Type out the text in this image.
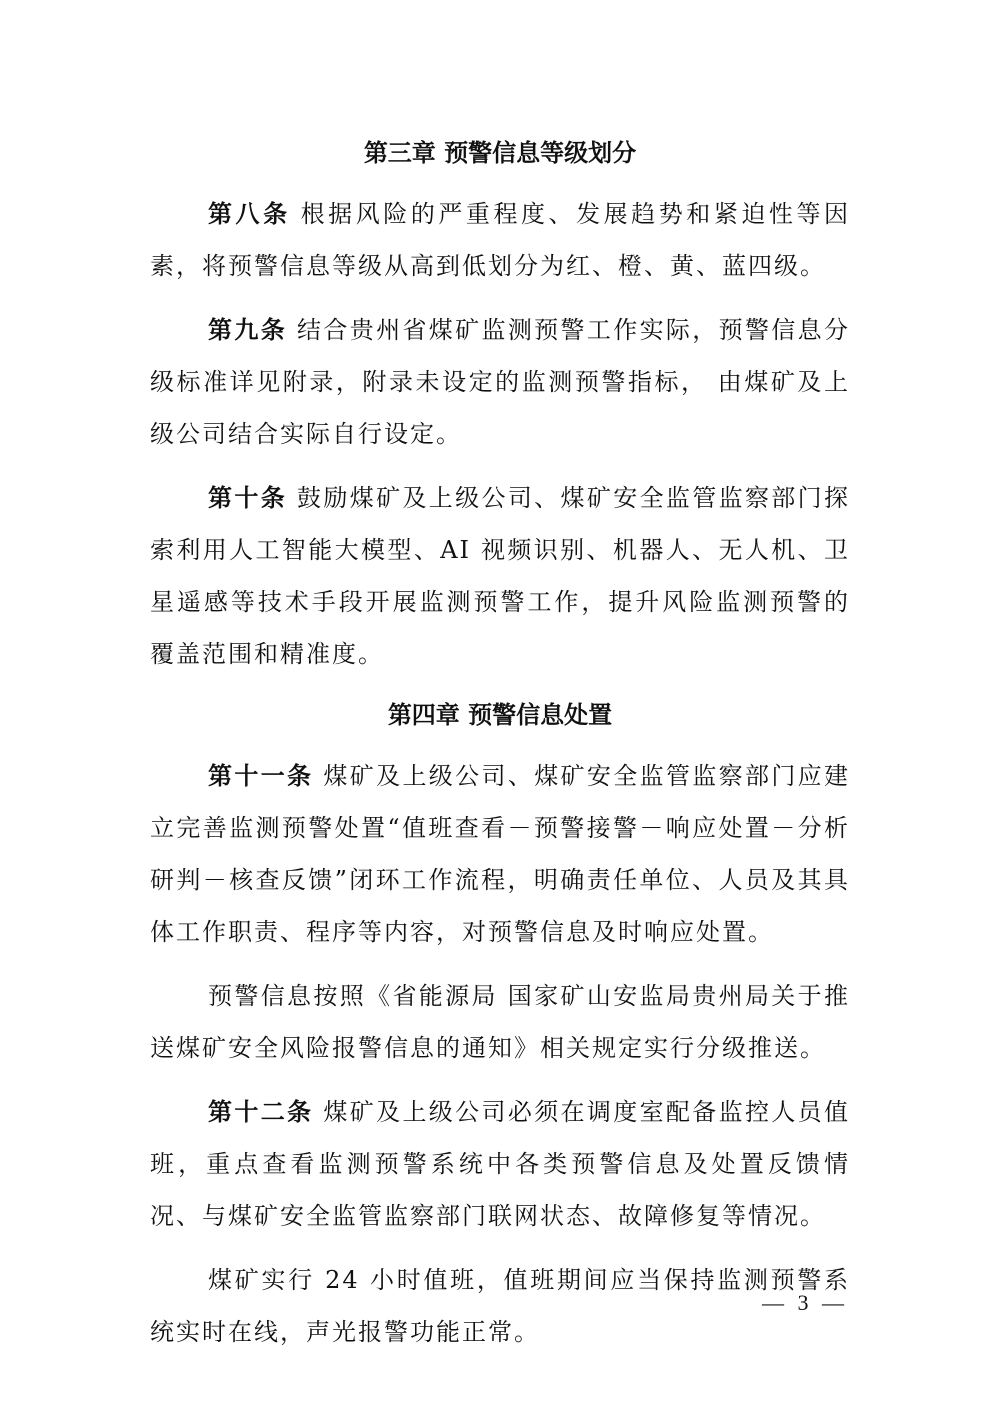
第三章 预警信息等级划分

第八条 根据风险的严重程度、发展趋势和紧迫性等因素，将预警信息等级从高到低划分为红、橙、黄、蓝四级。

第九条 结合贵州省煤矿监测预警工作实际，预警信息分级标准详见附录，附录未设定的监测预警指标， 由煤矿及上级公司结合实际自行设定。

第十条 鼓励煤矿及上级公司、煤矿安全监管监察部门探索利用人工智能大模型、AI 视频识别、机器人、无人机、卫星遥感等技术手段开展监测预警工作，提升风险监测预警的覆盖范围和精准度。

第四章 预警信息处置

第十一条 煤矿及上级公司、煤矿安全监管监察部门应建立完善监测预警处置“值班查看－预警接警－响应处置－分析研判－核查反馈”闭环工作流程，明确责任单位、人员及其具体工作职责、程序等内容，对预警信息及时响应处置。

预警信息按照《省能源局 国家矿山安监局贵州局关于推送煤矿安全风险报警信息的通知》相关规定实行分级推送。

第十二条 煤矿及上级公司必须在调度室配备监控人员值班，重点查看监测预警系统中各类预警信息及处置反馈情况、与煤矿安全监管监察部门联网状态、故障修复等情况。

煤矿实行 24 小时值班，值班期间应当保持监测预警系统实时在线，声光报警功能正常。

— 3 —
